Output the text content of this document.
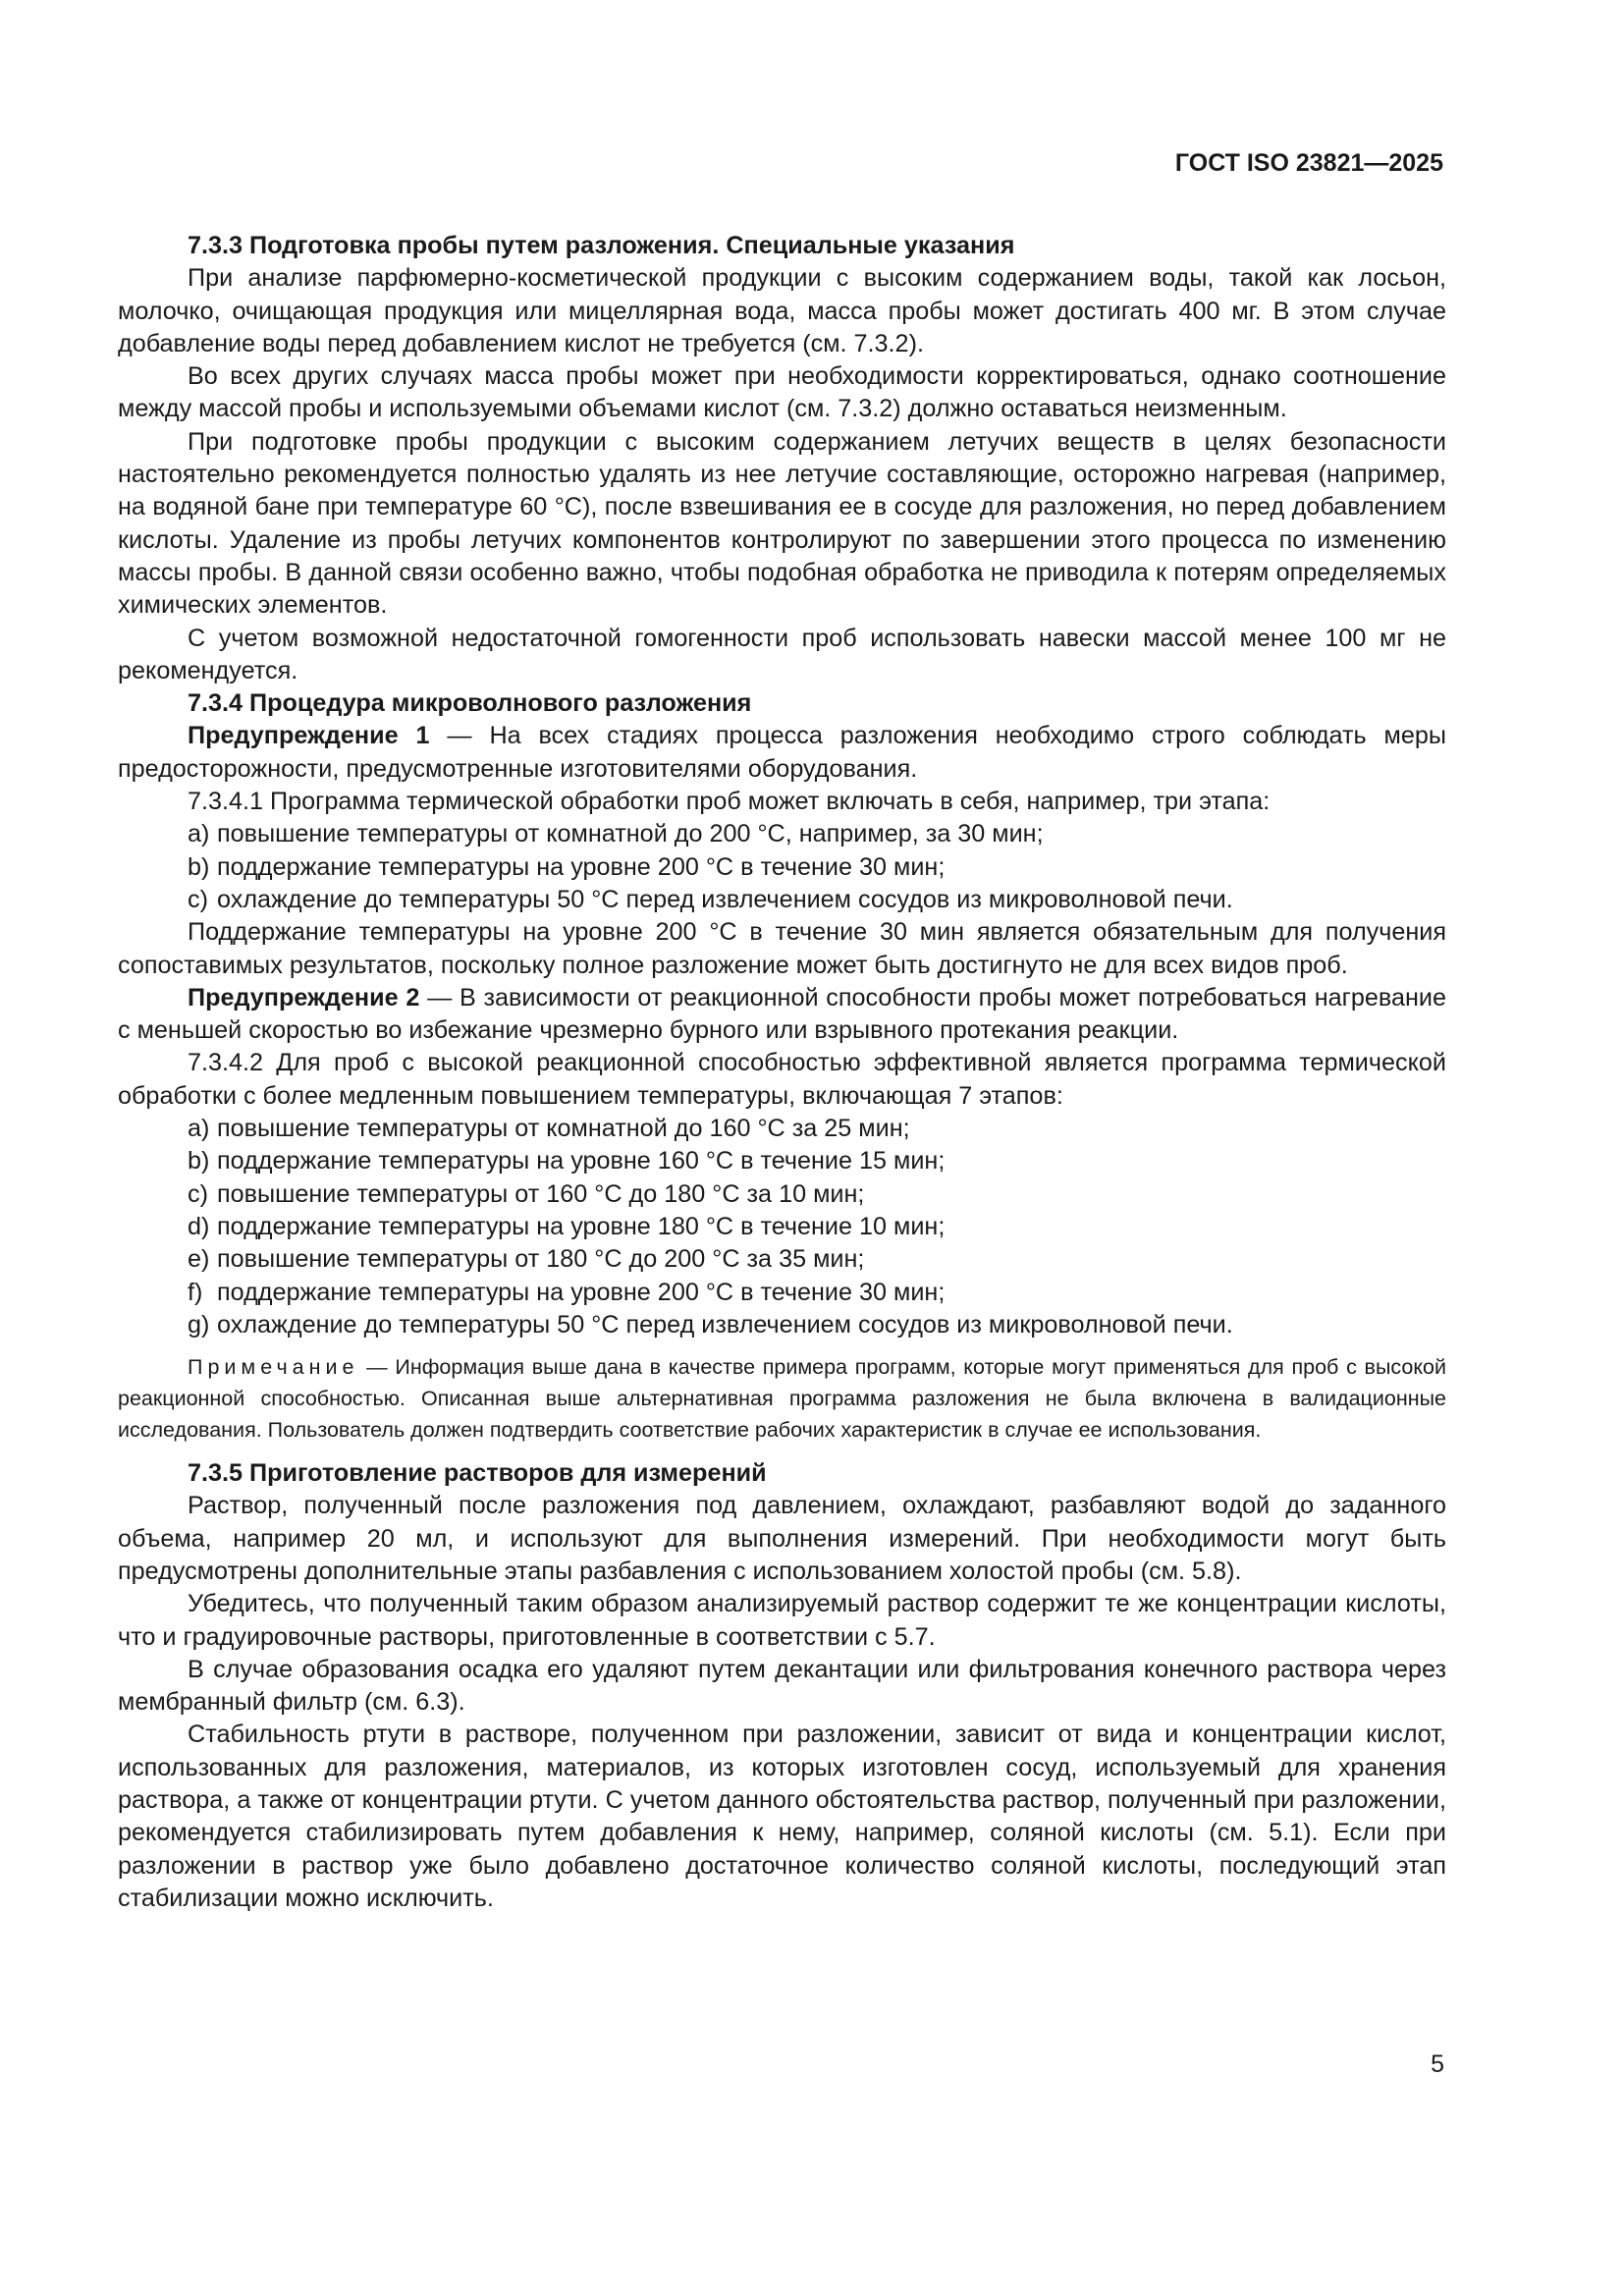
ГОСТ ISO 23821—2025

7.3.3 Подготовка пробы путем разложения. Специальные указания

При анализе парфюмерно-косметической продукции с высоким содержанием воды, такой как лосьон, молочко, очищающая продукция или мицеллярная вода, масса пробы может достигать 400 мг. В этом случае добавление воды перед добавлением кислот не требуется (см. 7.3.2).

Во всех других случаях масса пробы может при необходимости корректироваться, однако соотношение между массой пробы и используемыми объемами кислот (см. 7.3.2) должно оставаться неизменным.

При подготовке пробы продукции с высоким содержанием летучих веществ в целях безопасности настоятельно рекомендуется полностью удалять из нее летучие составляющие, осторожно нагревая (например, на водяной бане при температуре 60 °C), после взвешивания ее в сосуде для разложения, но перед добавлением кислоты. Удаление из пробы летучих компонентов контролируют по завершении этого процесса по изменению массы пробы. В данной связи особенно важно, чтобы подобная обработка не приводила к потерям определяемых химических элементов.

С учетом возможной недостаточной гомогенности проб использовать навески массой менее 100 мг не рекомендуется.

7.3.4 Процедура микроволнового разложения

Предупреждение 1 — На всех стадиях процесса разложения необходимо строго соблюдать меры предосторожности, предусмотренные изготовителями оборудования.

7.3.4.1 Программа термической обработки проб может включать в себя, например, три этапа:

a) повышение температуры от комнатной до 200 °C, например, за 30 мин;

b) поддержание температуры на уровне 200 °C в течение 30 мин;

c) охлаждение до температуры 50 °C перед извлечением сосудов из микроволновой печи.

Поддержание температуры на уровне 200 °C в течение 30 мин является обязательным для получения сопоставимых результатов, поскольку полное разложение может быть достигнуто не для всех видов проб.

Предупреждение 2 — В зависимости от реакционной способности пробы может потребоваться нагревание с меньшей скоростью во избежание чрезмерно бурного или взрывного протекания реакции.

7.3.4.2 Для проб с высокой реакционной способностью эффективной является программа термической обработки с более медленным повышением температуры, включающая 7 этапов:

a) повышение температуры от комнатной до 160 °C за 25 мин;

b) поддержание температуры на уровне 160 °C в течение 15 мин;

c) повышение температуры от 160 °C до 180 °C за 10 мин;

d) поддержание температуры на уровне 180 °C в течение 10 мин;

e) повышение температуры от 180 °C до 200 °C за 35 мин;

f) поддержание температуры на уровне 200 °C в течение 30 мин;

g) охлаждение до температуры 50 °C перед извлечением сосудов из микроволновой печи.

Примечание — Информация выше дана в качестве примера программ, которые могут применяться для проб с высокой реакционной способностью. Описанная выше альтернативная программа разложения не была включена в валидационные исследования. Пользователь должен подтвердить соответствие рабочих характеристик в случае ее использования.

7.3.5 Приготовление растворов для измерений

Раствор, полученный после разложения под давлением, охлаждают, разбавляют водой до заданного объема, например 20 мл, и используют для выполнения измерений. При необходимости могут быть предусмотрены дополнительные этапы разбавления с использованием холостой пробы (см. 5.8).

Убедитесь, что полученный таким образом анализируемый раствор содержит те же концентрации кислоты, что и градуировочные растворы, приготовленные в соответствии с 5.7.

В случае образования осадка его удаляют путем декантации или фильтрования конечного раствора через мембранный фильтр (см. 6.3).

Стабильность ртути в растворе, полученном при разложении, зависит от вида и концентрации кислот, использованных для разложения, материалов, из которых изготовлен сосуд, используемый для хранения раствора, а также от концентрации ртути. С учетом данного обстоятельства раствор, полученный при разложении, рекомендуется стабилизировать путем добавления к нему, например, соляной кислоты (см. 5.1). Если при разложении в раствор уже было добавлено достаточное количество соляной кислоты, последующий этап стабилизации можно исключить.

5
